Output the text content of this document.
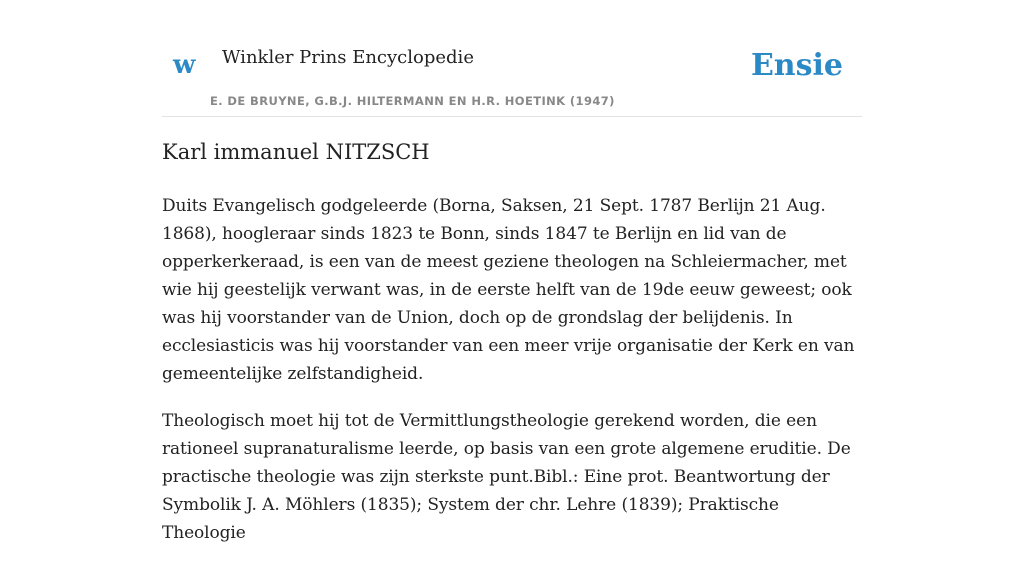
w Winkler Prins Encyclopedie
E. DE BRUYNE, G.B.J. HILTERMANN EN H.R. HOETINK (1947)
Ensie
Karl immanuel NITZSCH

Duits Evangelisch godgeleerde (Borna, Saksen, 21 Sept. 1787 Berlijn 21 Aug. 1868), hoogleraar sinds 1823 te Bonn, sinds 1847 te Berlijn en lid van de opperkerkeraad, is een van de meest geziene theologen na Schleiermacher, met wie hij geestelijk verwant was, in de eerste helft van de 19de eeuw geweest; ook was hij voorstander van de Union, doch op de grondslag der belijdenis. In ecclesiasticis was hij voorstander van een meer vrije organisatie der Kerk en van gemeentelijke zelfstandigheid.

Theologisch moet hij tot de Vermittlungstheologie gerekend worden, die een rationeel supranaturalisme leerde, op basis van een grote algemene eruditie. De practische theologie was zijn sterkste punt.Bibl.: Eine prot. Beantwortung der Symbolik J. A. Möhlers (1835); System der chr. Lehre (1839); Praktische Theologie
